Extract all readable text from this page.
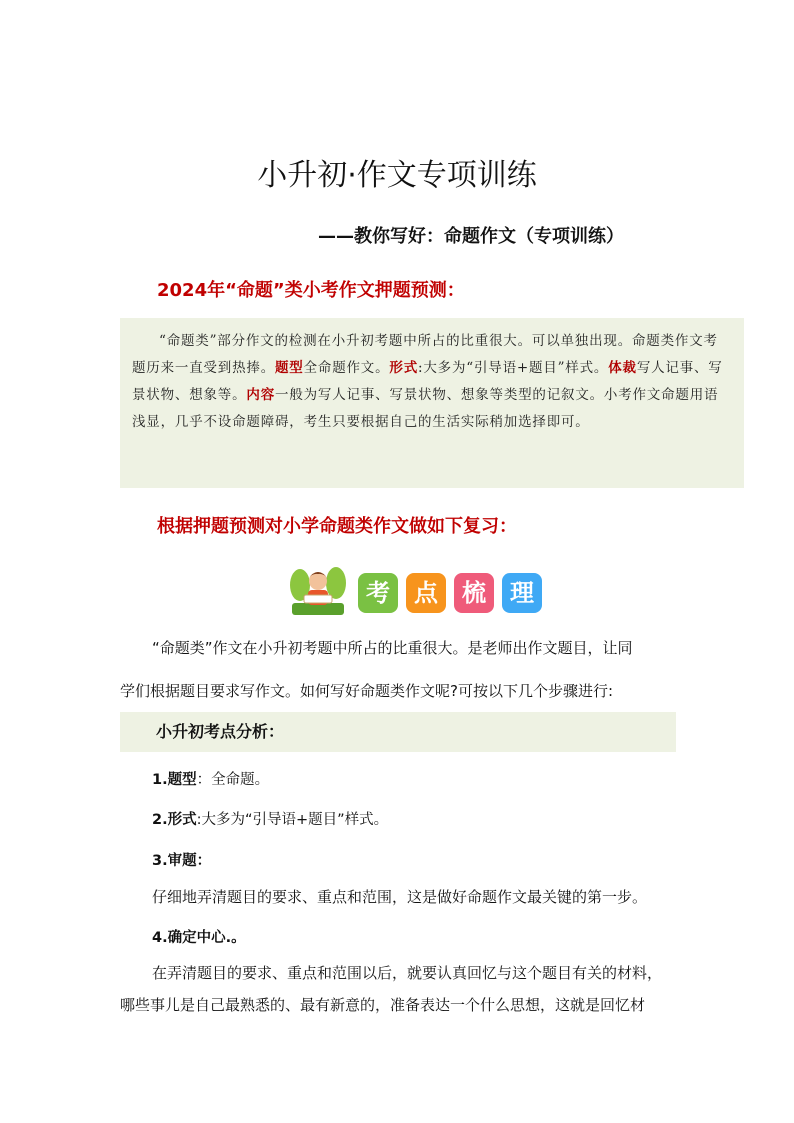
小升初·作文专项训练
——教你写好：命题作文（专项训练）
2024年“命题”类小考作文押题预测：

“命题类”部分作文的检测在小升初考题中所占的比重很大。可以单独出现。命题类作文考题历来一直受到热捧。题型全命题作文。形式:大多为“引导语+题目”样式。体裁写人记事、写景状物、想象等。内容一般为写人记事、写景状物、想象等类型的记叙文。小考作文命题用语浅显，几乎不设命题障碍，考生只要根据自己的生活实际稍加选择即可。

根据押题预测对小学命题类作文做如下复习：
考	点	梳	理
“命题类”作文在小升初考题中所占的比重很大。是老师出作文题目，让同
学们根据题目要求写作文。如何写好命题类作文呢?可按以下几个步骤进行:
小升初考点分析：
1.题型：全命题。
2.形式:大多为“引导语+题目”样式。
3.审题：
仔细地弄清题目的要求、重点和范围，这是做好命题作文最关键的第一步。
4.确定中心.。
在弄清题目的要求、重点和范围以后，就要认真回忆与这个题目有关的材料，
哪些事儿是自己最熟悉的、最有新意的，准备表达一个什么思想，这就是回忆材
